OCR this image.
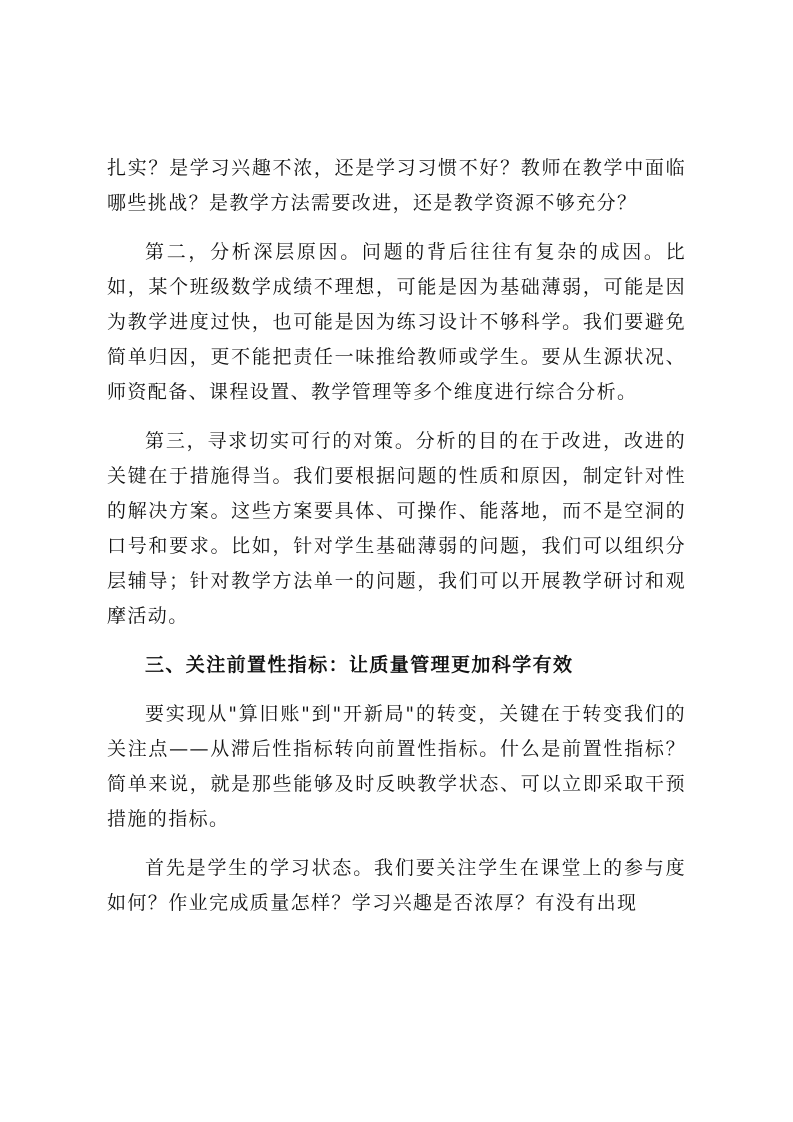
扎实？是学习兴趣不浓，还是学习习惯不好？教师在教学中面临哪些挑战？是教学方法需要改进，还是教学资源不够充分？

第二，分析深层原因。问题的背后往往有复杂的成因。比如，某个班级数学成绩不理想，可能是因为基础薄弱，可能是因为教学进度过快，也可能是因为练习设计不够科学。我们要避免简单归因，更不能把责任一味推给教师或学生。要从生源状况、师资配备、课程设置、教学管理等多个维度进行综合分析。

第三，寻求切实可行的对策。分析的目的在于改进，改进的关键在于措施得当。我们要根据问题的性质和原因，制定针对性的解决方案。这些方案要具体、可操作、能落地，而不是空洞的口号和要求。比如，针对学生基础薄弱的问题，我们可以组织分层辅导；针对教学方法单一的问题，我们可以开展教学研讨和观摩活动。

三、关注前置性指标：让质量管理更加科学有效

要实现从"算旧账"到"开新局"的转变，关键在于转变我们的关注点——从滞后性指标转向前置性指标。什么是前置性指标？简单来说，就是那些能够及时反映教学状态、可以立即采取干预措施的指标。

首先是学生的学习状态。我们要关注学生在课堂上的参与度如何？作业完成质量怎样？学习兴趣是否浓厚？有没有出现
